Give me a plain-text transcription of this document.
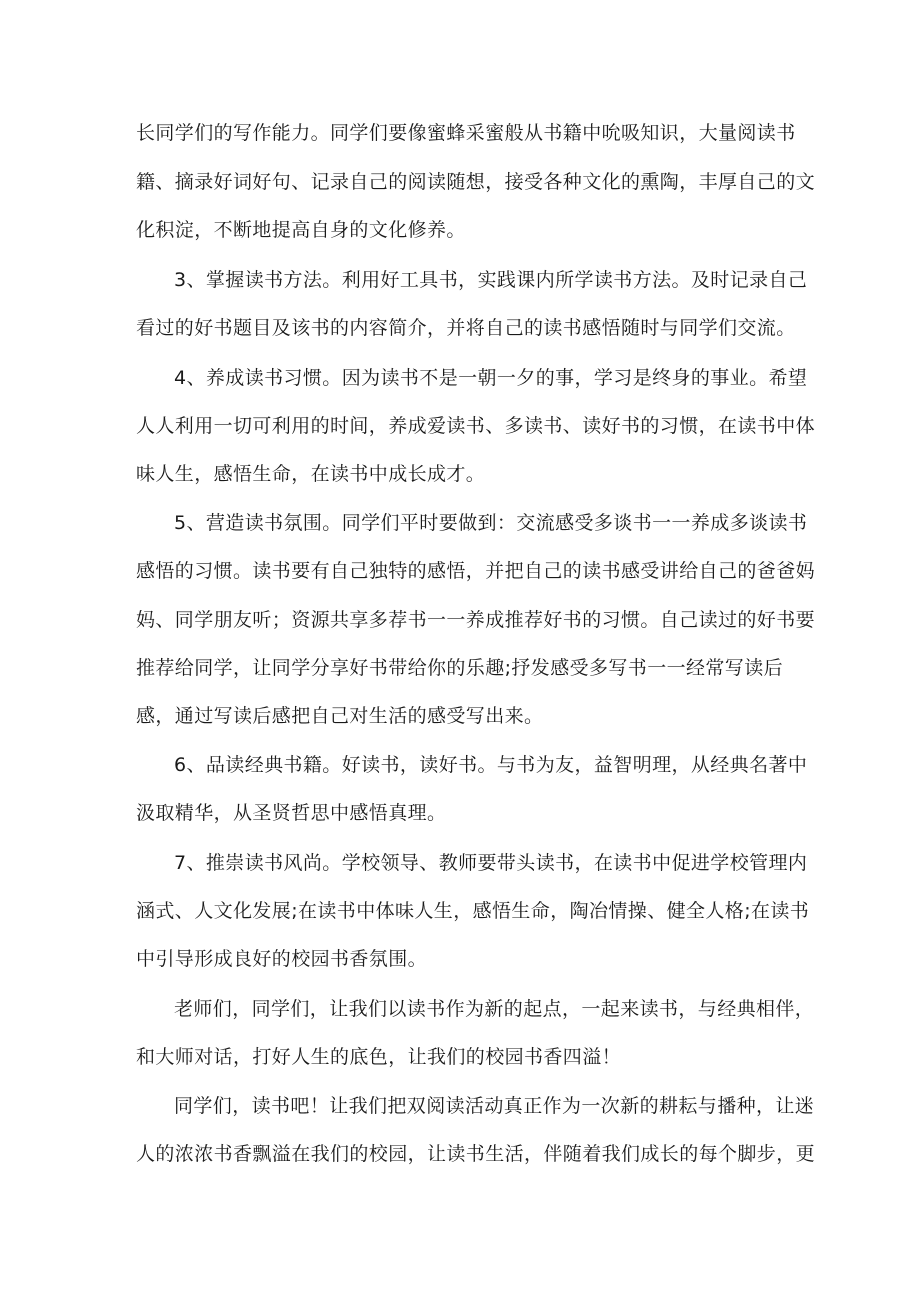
长同学们的写作能力。同学们要像蜜蜂采蜜般从书籍中吮吸知识，大量阅读书
籍、摘录好词好句、记录自己的阅读随想，接受各种文化的熏陶，丰厚自己的文
化积淀，不断地提高自身的文化修养。
3、掌握读书方法。利用好工具书，实践课内所学读书方法。及时记录自己
看过的好书题目及该书的内容简介，并将自己的读书感悟随时与同学们交流。
4、养成读书习惯。因为读书不是一朝一夕的事，学习是终身的事业。希望
人人利用一切可利用的时间，养成爱读书、多读书、读好书的习惯，在读书中体
味人生，感悟生命，在读书中成长成才。
5、营造读书氛围。同学们平时要做到：交流感受多谈书一一养成多谈读书
感悟的习惯。读书要有自己独特的感悟，并把自己的读书感受讲给自己的爸爸妈
妈、同学朋友听；资源共享多荐书一一养成推荐好书的习惯。自己读过的好书要
推荐给同学，让同学分享好书带给你的乐趣;抒发感受多写书一一经常写读后
感，通过写读后感把自己对生活的感受写出来。
6、品读经典书籍。好读书，读好书。与书为友，益智明理，从经典名著中
汲取精华，从圣贤哲思中感悟真理。
7、推崇读书风尚。学校领导、教师要带头读书，在读书中促进学校管理内
涵式、人文化发展;在读书中体味人生，感悟生命，陶冶情操、健全人格;在读书
中引导形成良好的校园书香氛围。
老师们，同学们，让我们以读书作为新的起点，一起来读书，与经典相伴，
和大师对话，打好人生的底色，让我们的校园书香四溢！
同学们，读书吧！让我们把双阅读活动真正作为一次新的耕耘与播种，让迷
人的浓浓书香飘溢在我们的校园，让读书生活，伴随着我们成长的每个脚步，更
